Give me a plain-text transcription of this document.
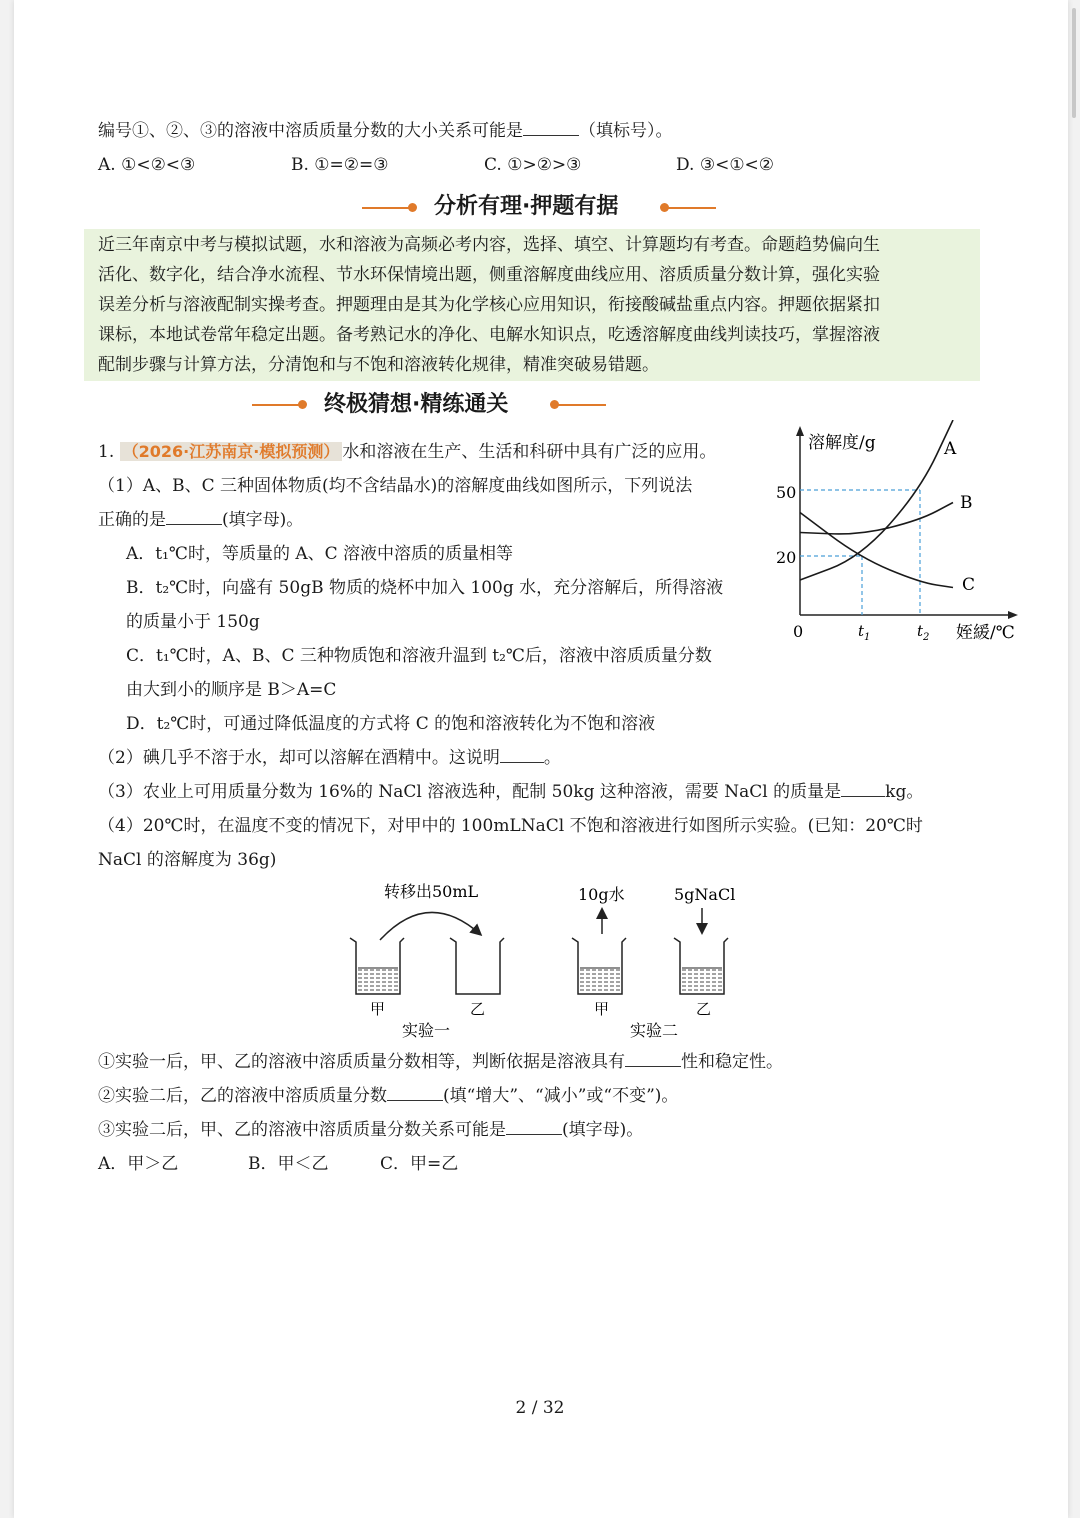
编号①、②、③的溶液中溶质质量分数的大小关系可能是	（填标号）。
A. ①<②<③	B. ①=②=③	C. ①>②>③	D. ③<①<②
分析有理·押题有据
近三年南京中考与模拟试题，水和溶液为高频必考内容，选择、填空、计算题均有考查。命题趋势偏向生
活化、数字化，结合净水流程、节水环保情境出题，侧重溶解度曲线应用、溶质质量分数计算，强化实验
误差分析与溶液配制实操考查。押题理由是其为化学核心应用知识，衔接酸碱盐重点内容。押题依据紧扣
课标，本地试卷常年稳定出题。备考熟记水的净化、电解水知识点，吃透溶解度曲线判读技巧，掌握溶液
配制步骤与计算方法，分清饱和与不饱和溶液转化规律，精准突破易错题。
终极猜想·精练通关
1. （2026·江苏南京·模拟预测） 水和溶液在生产、生活和科研中具有广泛的应用。
（1）A、B、C 三种固体物质(均不含结晶水)的溶解度曲线如图所示，下列说法
正确的是	(填字母)。
A．t₁℃时，等质量的 A、C 溶液中溶质的质量相等
B．t₂℃时，向盛有 50gB 物质的烧杯中加入 100g 水，充分溶解后，所得溶液
的质量小于 150g
C．t₁℃时，A、B、C 三种物质饱和溶液升温到 t₂℃后，溶液中溶质质量分数
由大到小的顺序是 B＞A=C
D．t₂℃时，可通过降低温度的方式将 C 的饱和溶液转化为不饱和溶液
（2）碘几乎不溶于水，却可以溶解在酒精中。这说明	。
（3）农业上可用质量分数为 16%的 NaCl 溶液选种，配制 50kg 这种溶液，需要 NaCl 的质量是	kg。
（4）20℃时，在温度不变的情况下，对甲中的 100mLNaCl 不饱和溶液进行如图所示实验。(已知：20℃时
NaCl 的溶解度为 36g)
溶解度/g
姪緩/℃
0
50
20
$t_1$	$t_2$
A
B
C
转移出50mL
甲	乙
实验一
10g水	5gNaCl
甲	乙
实验二
①实验一后，甲、乙的溶液中溶质质量分数相等，判断依据是溶液具有	性和稳定性。
②实验二后，乙的溶液中溶质质量分数	(填“增大”、“减小”或“不变”)。
③实验二后，甲、乙的溶液中溶质质量分数关系可能是	(填字母)。
A．甲＞乙	B．甲＜乙	C．甲=乙
2 / 32
